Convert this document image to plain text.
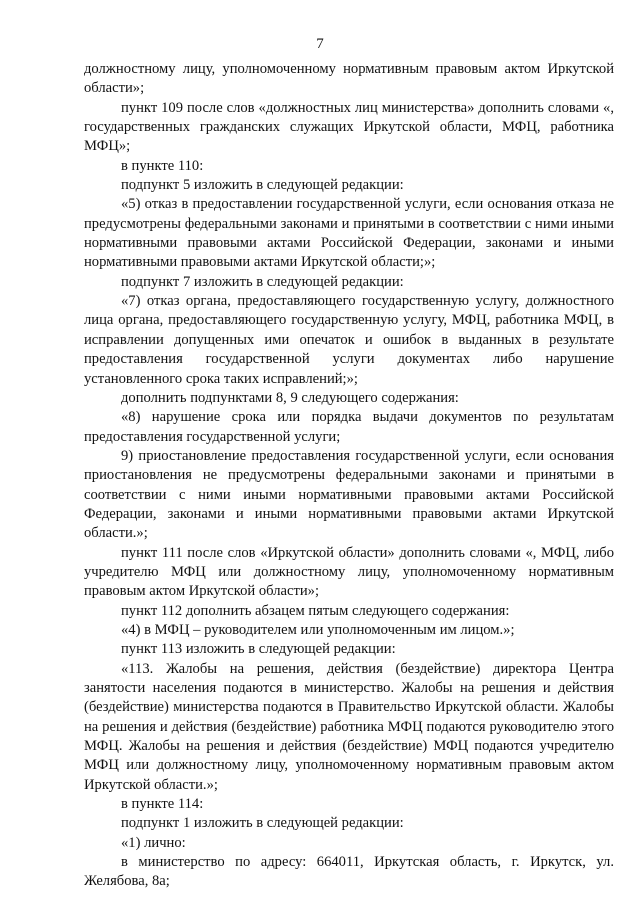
7

должностному лицу, уполномоченному нормативным правовым актом Иркутской области»;

пункт 109 после слов «должностных лиц министерства» дополнить словами «, государственных гражданских служащих Иркутской области, МФЦ, работника МФЦ»;

в пункте 110:

подпункт 5 изложить в следующей редакции:

«5) отказ в предоставлении государственной услуги, если основания отказа не предусмотрены федеральными законами и принятыми в соответствии с ними иными нормативными правовыми актами Российской Федерации, законами и иными нормативными правовыми актами Иркутской области;»;

подпункт 7 изложить в следующей редакции:

«7) отказ органа, предоставляющего государственную услугу, должностного лица органа, предоставляющего государственную услугу, МФЦ, работника МФЦ, в исправлении допущенных ими опечаток и ошибок в выданных в результате предоставления государственной услуги документах либо нарушение установленного срока таких исправлений;»;

дополнить подпунктами 8, 9 следующего содержания:

«8) нарушение срока или порядка выдачи документов по результатам предоставления государственной услуги;

9) приостановление предоставления государственной услуги, если основания приостановления не предусмотрены федеральными законами и принятыми в соответствии с ними иными нормативными правовыми актами Российской Федерации, законами и иными нормативными правовыми актами Иркутской области.»;

пункт 111 после слов «Иркутской области» дополнить словами «, МФЦ, либо учредителю МФЦ или должностному лицу, уполномоченному нормативным правовым актом Иркутской области»;

пункт 112 дополнить абзацем пятым следующего содержания:

«4) в МФЦ – руководителем или уполномоченным им лицом.»;

пункт 113 изложить в следующей редакции:

«113. Жалобы на решения, действия (бездействие) директора Центра занятости населения подаются в министерство. Жалобы на решения и действия (бездействие) министерства подаются в Правительство Иркутской области. Жалобы на решения и действия (бездействие) работника МФЦ подаются руководителю этого МФЦ. Жалобы на решения и действия (бездействие) МФЦ подаются учредителю МФЦ или должностному лицу, уполномоченному нормативным правовым актом Иркутской области.»;

в пункте 114:

подпункт 1 изложить в следующей редакции:

«1) лично:

в министерство по адресу: 664011, Иркутская область, г. Иркутск, ул. Желябова, 8а;
